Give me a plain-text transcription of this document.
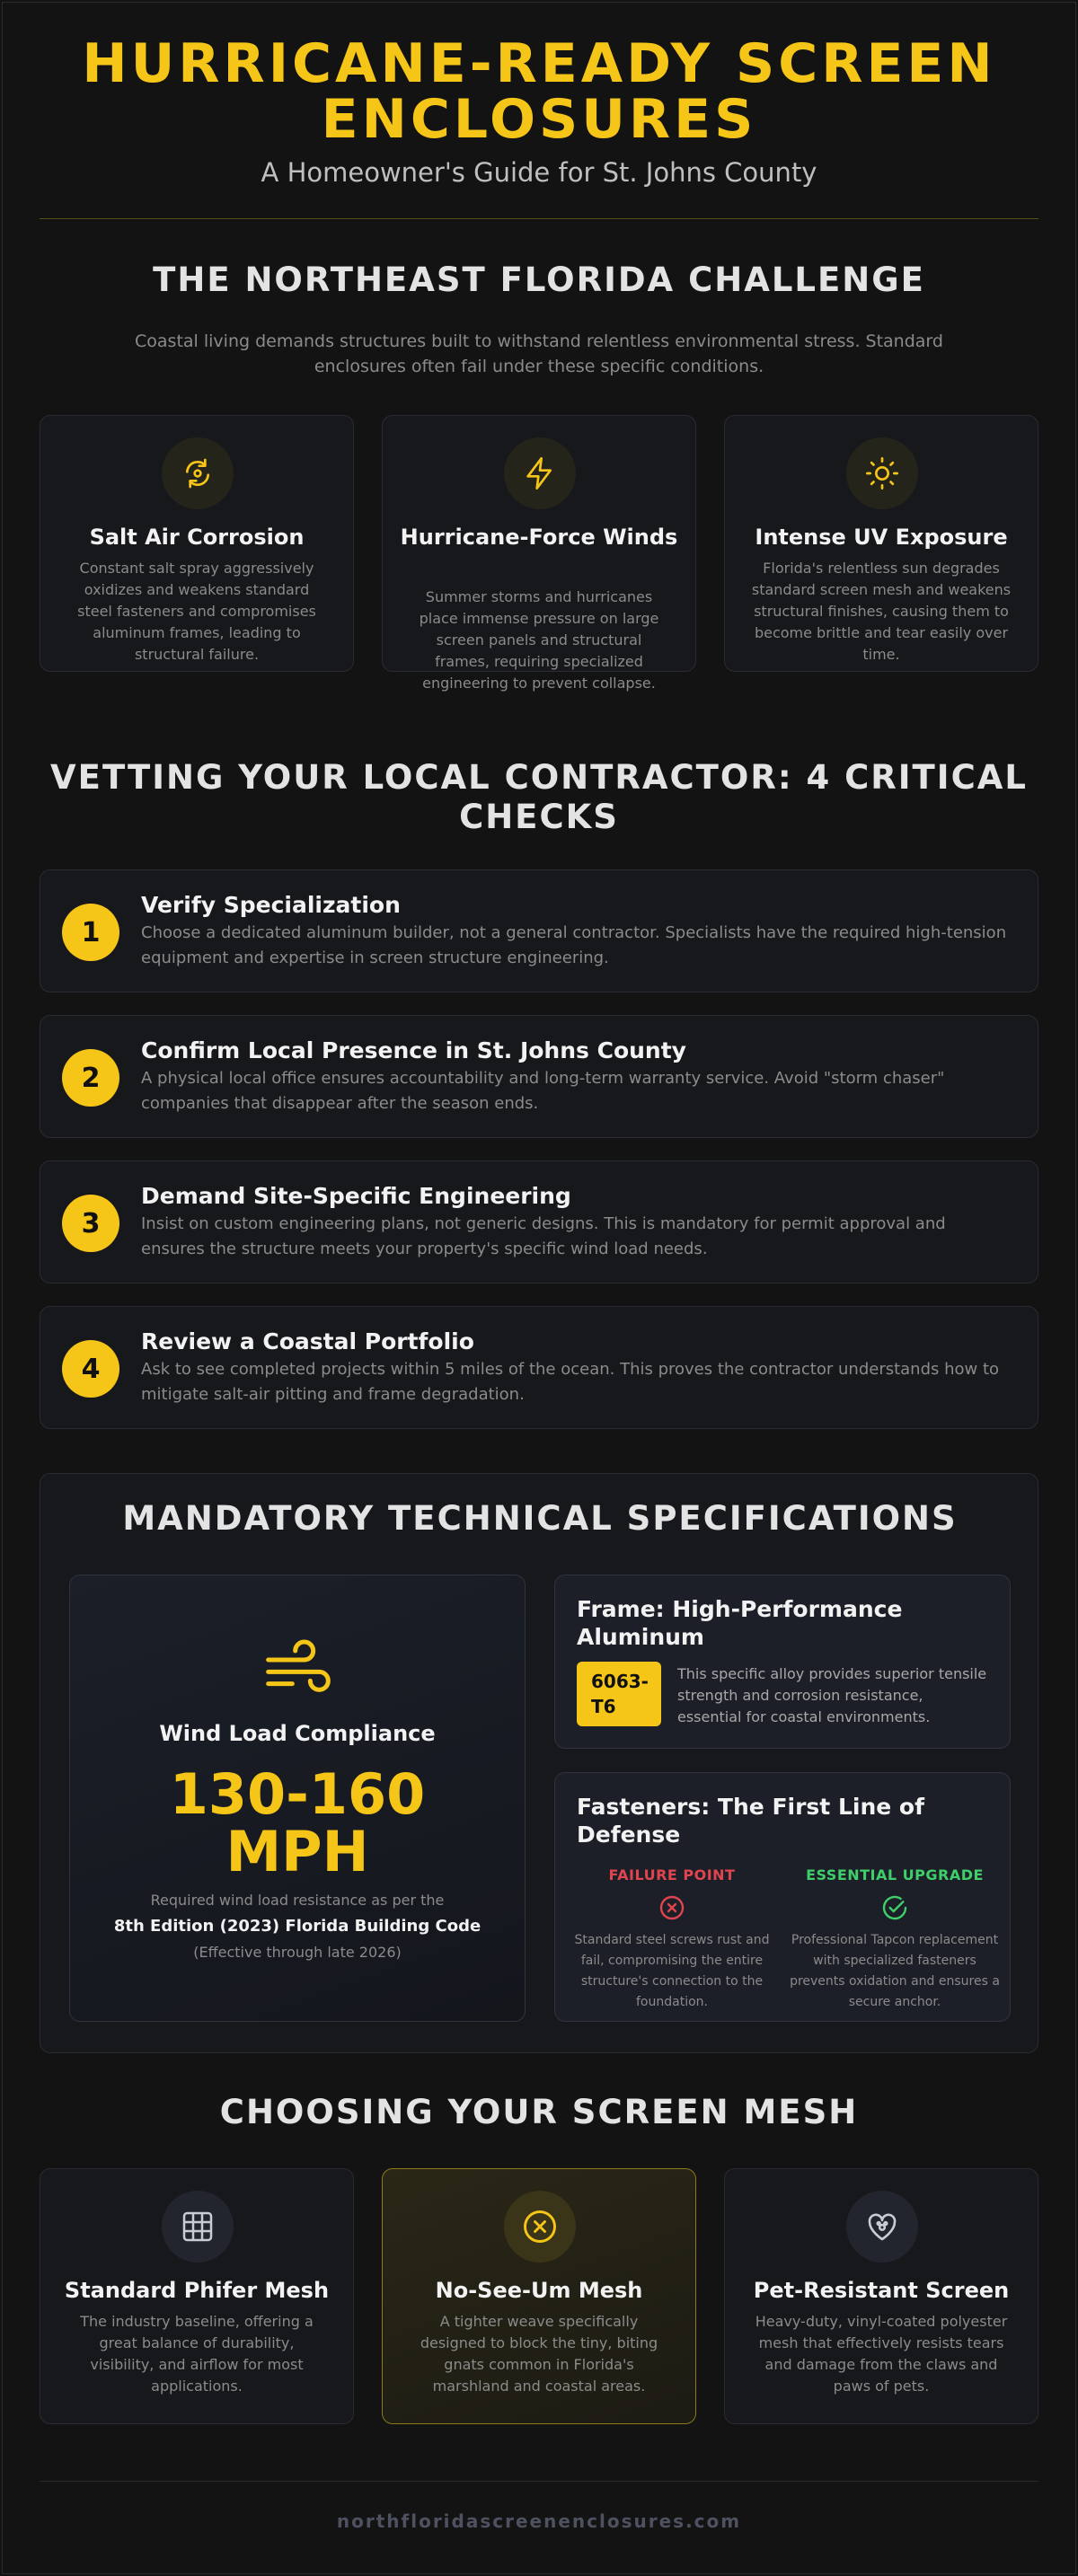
HURRICANE-READY SCREEN ENCLOSURES
A Homeowner's Guide for St. Johns County
THE NORTHEAST FLORIDA CHALLENGE
Coastal living demands structures built to withstand relentless environmental stress. Standard enclosures often fail under these specific conditions.
Salt Air Corrosion
Constant salt spray aggressively oxidizes and weakens standard steel fasteners and compromises aluminum frames, leading to structural failure.
Hurricane-Force Winds
Summer storms and hurricanes place immense pressure on large screen panels and structural frames, requiring specialized engineering to prevent collapse.
Intense UV Exposure
Florida's relentless sun degrades standard screen mesh and weakens structural finishes, causing them to become brittle and tear easily over time.
VETTING YOUR LOCAL CONTRACTOR: 4 CRITICAL CHECKS
1
Verify Specialization
Choose a dedicated aluminum builder, not a general contractor. Specialists have the required high-tension equipment and expertise in screen structure engineering.
2
Confirm Local Presence in St. Johns County
A physical local office ensures accountability and long-term warranty service. Avoid "storm chaser" companies that disappear after the season ends.
3
Demand Site-Specific Engineering
Insist on custom engineering plans, not generic designs. This is mandatory for permit approval and ensures the structure meets your property's specific wind load needs.
4
Review a Coastal Portfolio
Ask to see completed projects within 5 miles of the ocean. This proves the contractor understands how to mitigate salt-air pitting and frame degradation.
MANDATORY TECHNICAL SPECIFICATIONS
Wind Load Compliance
130-160
MPH
Required wind load resistance as per the
8th Edition (2023) Florida Building Code
(Effective through late 2026)
Frame: High-Performance Aluminum
6063-
T6
This specific alloy provides superior tensile strength and corrosion resistance, essential for coastal environments.
Fasteners: The First Line of Defense
FAILURE POINT
Standard steel screws rust and fail, compromising the entire structure's connection to the foundation.
ESSENTIAL UPGRADE
Professional Tapcon replacement with specialized fasteners prevents oxidation and ensures a secure anchor.
CHOOSING YOUR SCREEN MESH
Standard Phifer Mesh
The industry baseline, offering a great balance of durability, visibility, and airflow for most applications.
No-See-Um Mesh
A tighter weave specifically designed to block the tiny, biting gnats common in Florida's marshland and coastal areas.
Pet-Resistant Screen
Heavy-duty, vinyl-coated polyester mesh that effectively resists tears and damage from the claws and paws of pets.
northfloridascreenenclosures.com
